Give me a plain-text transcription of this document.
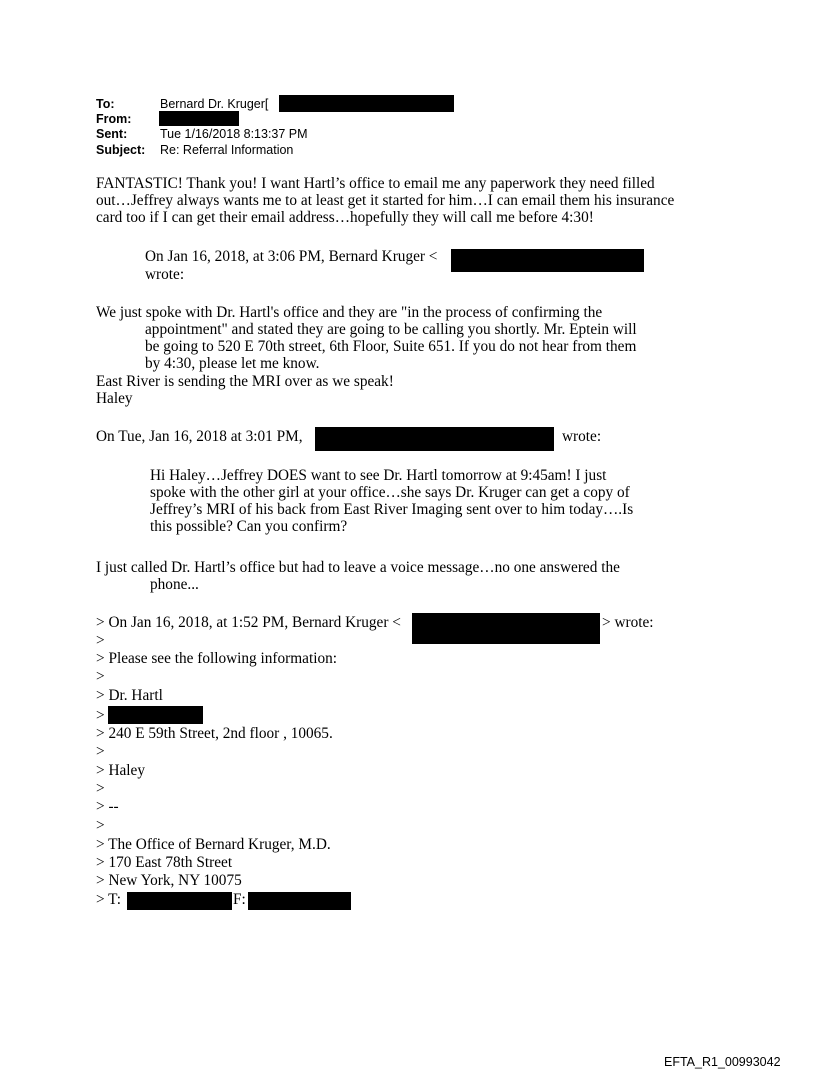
To:	Bernard Dr. Kruger[
From:
Sent:	Tue 1/16/2018 8:13:37 PM
Subject: Re: Referral Information
FANTASTIC! Thank you! I want Hartl’s office to email me any paperwork they need filled
out…Jeffrey always wants me to at least get it started for him…I can email them his insurance
card too if I can get their email address…hopefully they will call me before 4:30!
On Jan 16, 2018, at 3:06 PM, Bernard Kruger <
wrote:
We just spoke with Dr. Hartl's office and they are "in the process of confirming the
appointment" and stated they are going to be calling you shortly. Mr. Eptein will
be going to 520 E 70th street, 6th Floor, Suite 651. If you do not hear from them
by 4:30, please let me know.
East River is sending the MRI over as we speak!
Haley
On Tue, Jan 16, 2018 at 3:01 PM,	wrote:
Hi Haley…Jeffrey DOES want to see Dr. Hartl tomorrow at 9:45am! I just
spoke with the other girl at your office…she says Dr. Kruger can get a copy of
Jeffrey’s MRI of his back from East River Imaging sent over to him today….Is
this possible? Can you confirm?
I just called Dr. Hartl’s office but had to leave a voice message…no one answered the
phone...
> On Jan 16, 2018, at 1:52 PM, Bernard Kruger <	> wrote:
>
> Please see the following information:
>
> Dr. Hartl
>
> 240 E 59th Street, 2nd floor , 10065.
>
> Haley
>
> --
>
> The Office of Bernard Kruger, M.D.
> 170 East 78th Street
> New York, NY 10075
> T:	F:
EFTA_R1_00993042
